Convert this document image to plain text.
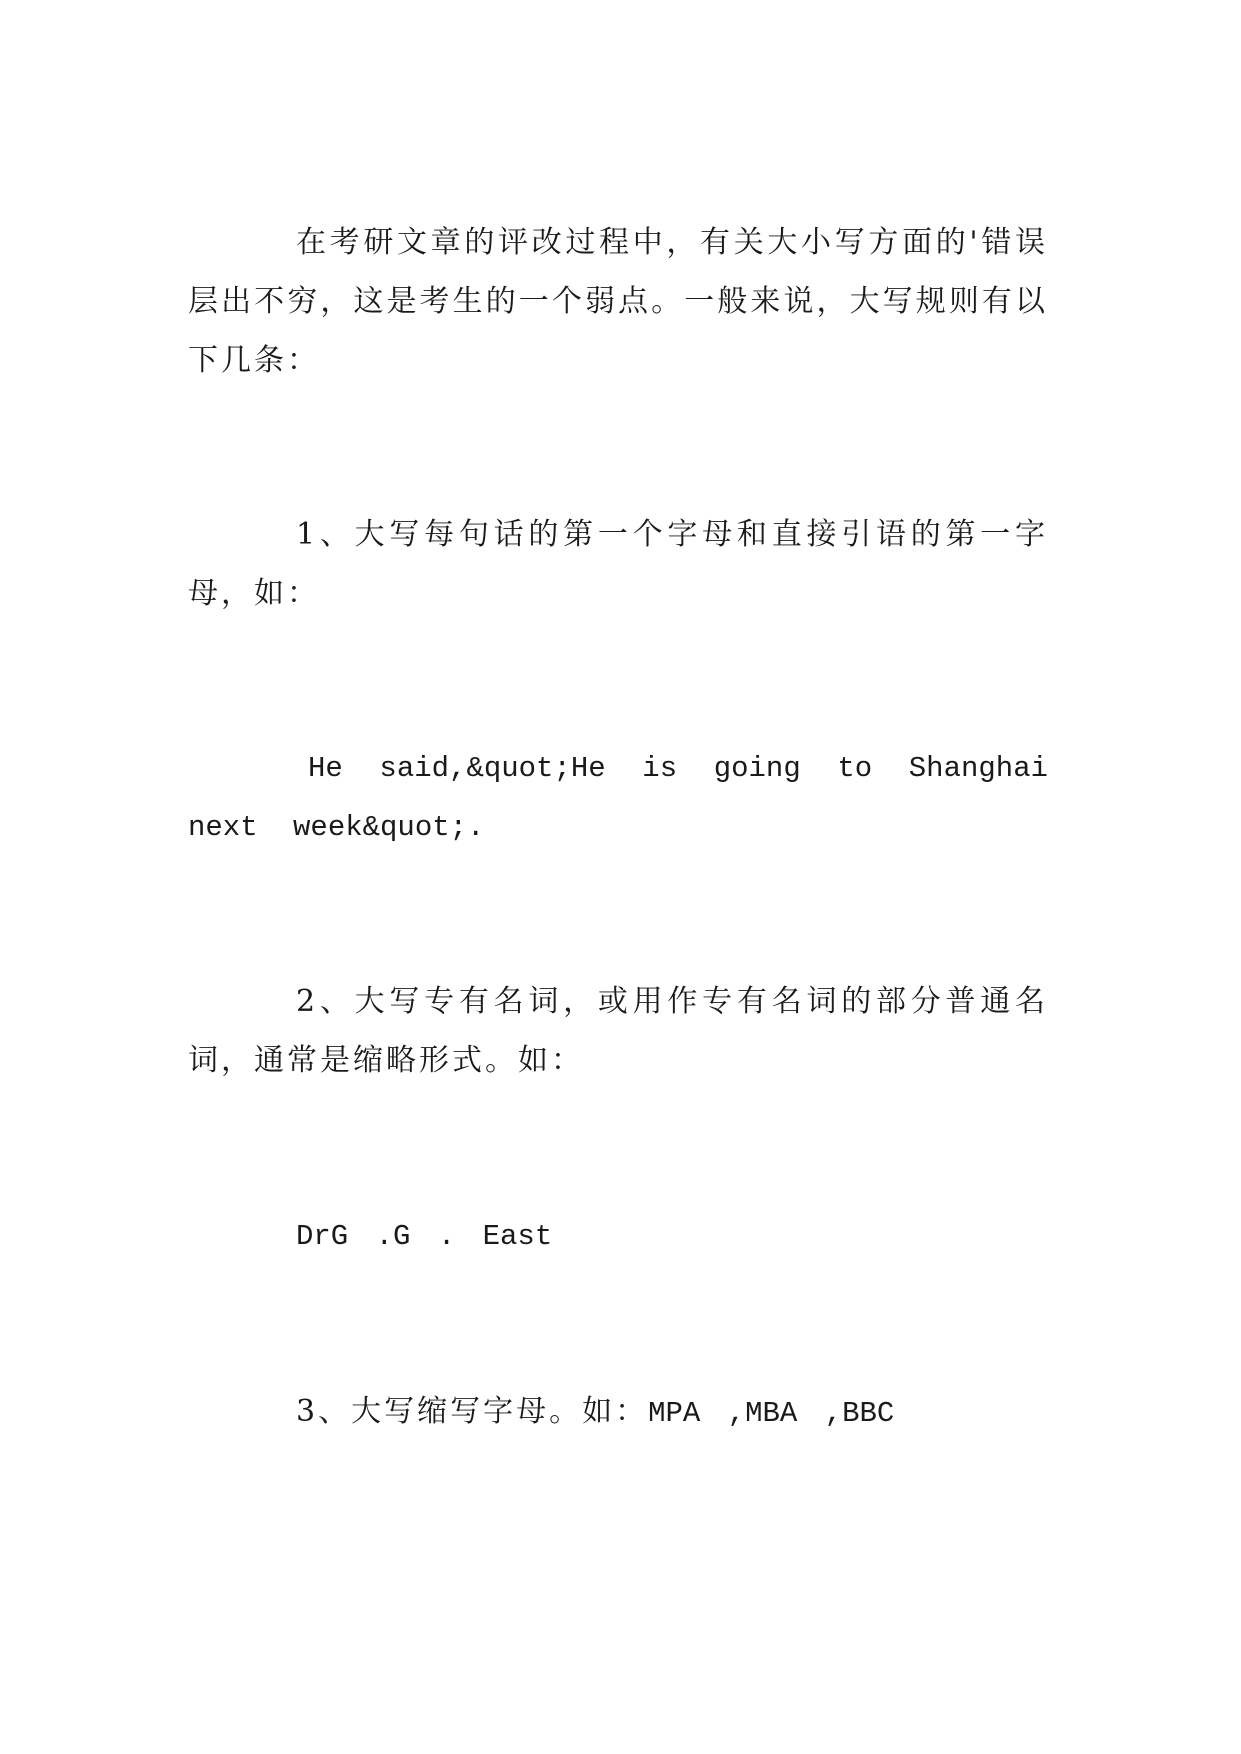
在考研文章的评改过程中，有关大小写方面的'错误层出不穷，这是考生的一个弱点。一般来说，大写规则有以下几条：

1、大写每句话的第一个字母和直接引语的第一字母，如：

He said,&quot;He is going to Shanghai next week&quot;.

2、大写专有名词，或用作专有名词的部分普通名词，通常是缩略形式。如：

DrG .G . East

3、大写缩写字母。如：MPA ,MBA ,BBC
